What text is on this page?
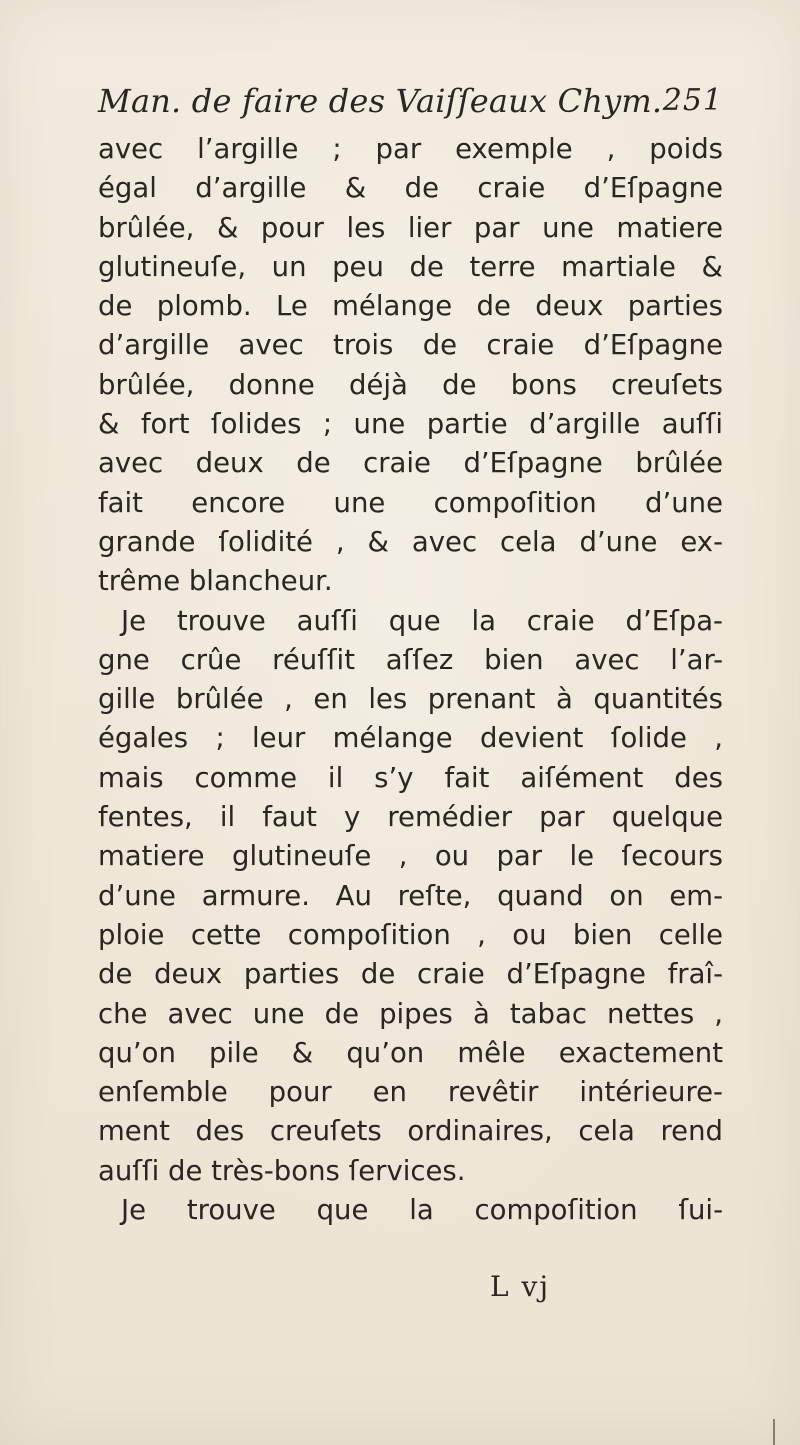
Man. de faire des Vaiſſeaux Chym. 251
avec l’argille ; par exemple , poids
égal d’argille & de craie d’Eſpagne
brûlée, & pour les lier par une matiere
glutineuſe, un peu de terre martiale &
de plomb. Le mélange de deux parties
d’argille avec trois de craie d’Eſpagne
brûlée, donne déjà de bons creuſets
& fort ſolides ; une partie d’argille auſſi
avec deux de craie d’Eſpagne brûlée
fait encore une compoſition d’une
grande ſolidité , & avec cela d’une ex-
trême blancheur.
Je trouve auſſi que la craie d’Eſpa-
gne crûe réuſſit aſſez bien avec l’ar-
gille brûlée , en les prenant à quantités
égales ; leur mélange devient ſolide ,
mais comme il s’y fait aiſément des
fentes, il faut y remédier par quelque
matiere glutineuſe , ou par le ſecours
d’une armure. Au reſte, quand on em-
ploie cette compoſition , ou bien celle
de deux parties de craie d’Eſpagne fraî-
che avec une de pipes à tabac nettes ,
qu’on pile & qu’on mêle exactement
enſemble pour en revêtir intérieure-
ment des creuſets ordinaires, cela rend
auſſi de très-bons ſervices.
Je trouve que la compoſition ſui-
L vj
